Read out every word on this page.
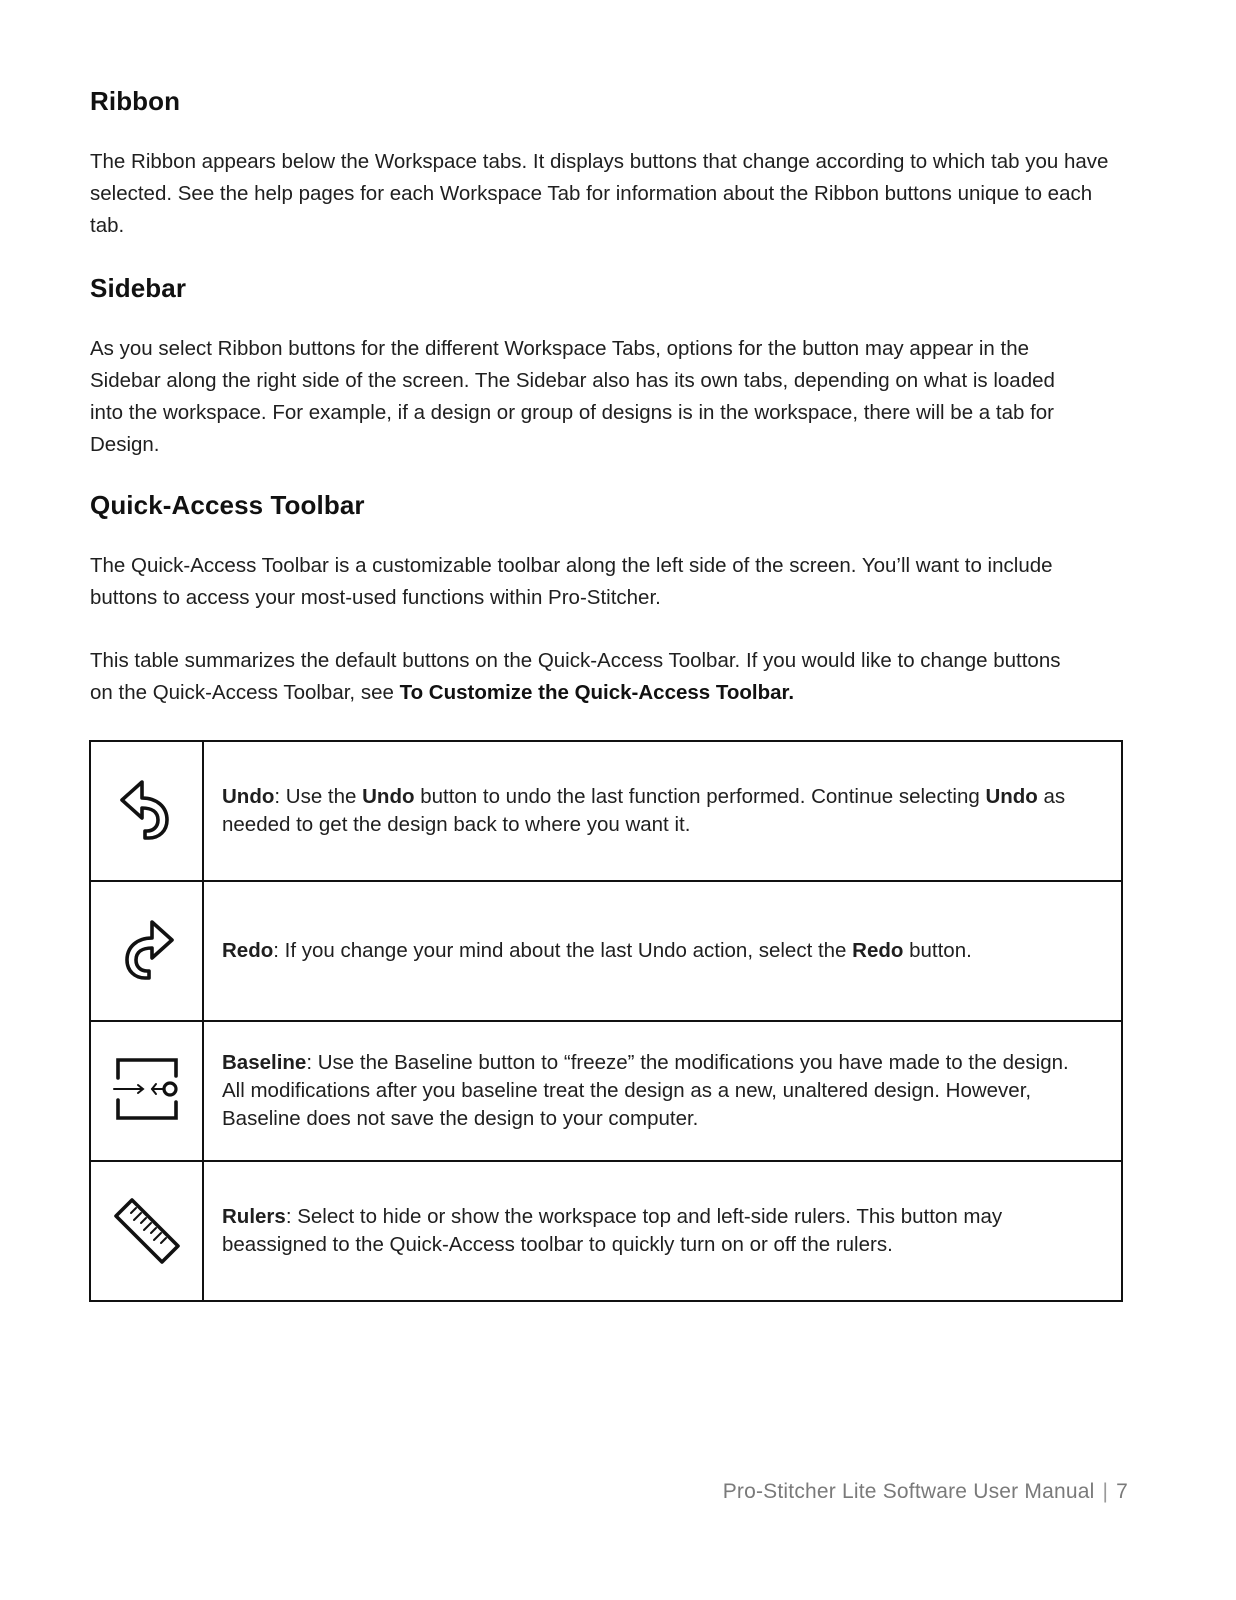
Ribbon

The Ribbon appears below the Workspace tabs. It displays buttons that change according to which tab you have selected. See the help pages for each Workspace Tab for information about the Ribbon buttons unique to each tab.

Sidebar

As you select Ribbon buttons for the different Workspace Tabs, options for the button may appear in the Sidebar along the right side of the screen. The Sidebar also has its own tabs, depending on what is loaded into the workspace. For example, if a design or group of designs is in the workspace, there will be a tab for Design.

Quick-Access Toolbar

The Quick-Access Toolbar is a customizable toolbar along the left side of the screen. You’ll want to include buttons to access your most-used functions within Pro-Stitcher.

This table summarizes the default buttons on the Quick-Access Toolbar. If you would like to change buttons on the Quick-Access Toolbar, see To Customize the Quick-Access Toolbar.

	Undo: Use the Undo button to undo the last function performed. Continue selecting Undo as needed to get the design back to where you want it.

	Redo: If you change your mind about the last Undo action, select the Redo button.

	Baseline: Use the Baseline button to “freeze” the modifications you have made to the design. All modifications after you baseline treat the design as a new, unaltered design. However, Baseline does not save the design to your computer.

	Rulers: Select to hide or show the workspace top and left-side rulers. This button may beassigned to the Quick-Access toolbar to quickly turn on or off the rulers.
Pro-Stitcher Lite Software User Manual | 7
